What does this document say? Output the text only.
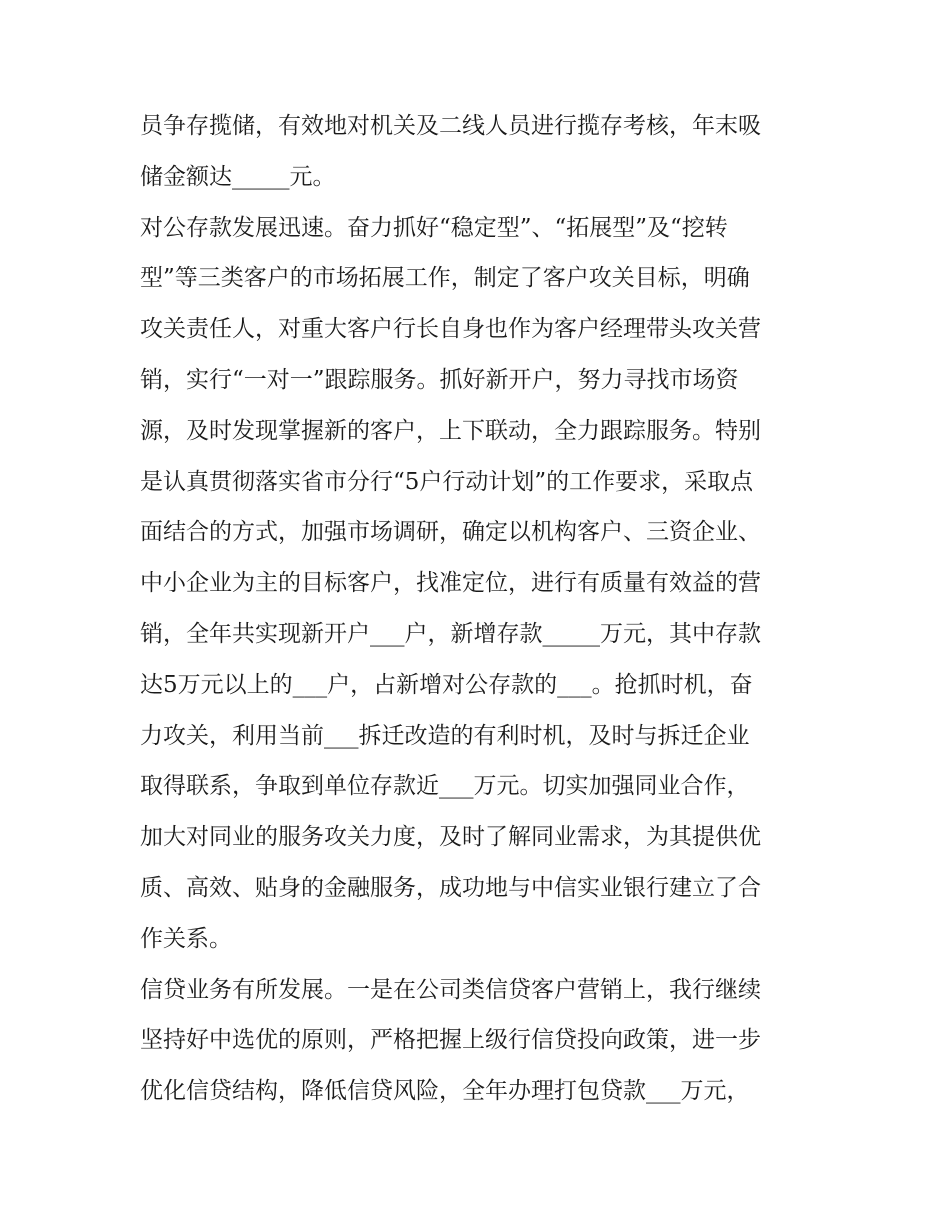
员争存揽储，有效地对机关及二线人员进行揽存考核，年末吸
储金额达_____元。
对公存款发展迅速。奋力抓好“稳定型”、“拓展型”及“挖转
型”等三类客户的市场拓展工作，制定了客户攻关目标，明确
攻关责任人，对重大客户行长自身也作为客户经理带头攻关营
销，实行“一对一”跟踪服务。抓好新开户，努力寻找市场资
源，及时发现掌握新的客户，上下联动，全力跟踪服务。特别
是认真贯彻落实省市分行“5户行动计划”的工作要求，采取点
面结合的方式，加强市场调研，确定以机构客户、三资企业、
中小企业为主的目标客户，找准定位，进行有质量有效益的营
销，全年共实现新开户___户，新增存款_____万元，其中存款
达5万元以上的___户，占新增对公存款的___。抢抓时机，奋
力攻关，利用当前___拆迁改造的有利时机，及时与拆迁企业
取得联系，争取到单位存款近___万元。切实加强同业合作，
加大对同业的服务攻关力度，及时了解同业需求，为其提供优
质、高效、贴身的金融服务，成功地与中信实业银行建立了合
作关系。
信贷业务有所发展。一是在公司类信贷客户营销上，我行继续
坚持好中选优的原则，严格把握上级行信贷投向政策，进一步
优化信贷结构，降低信贷风险，全年办理打包贷款___万元，
